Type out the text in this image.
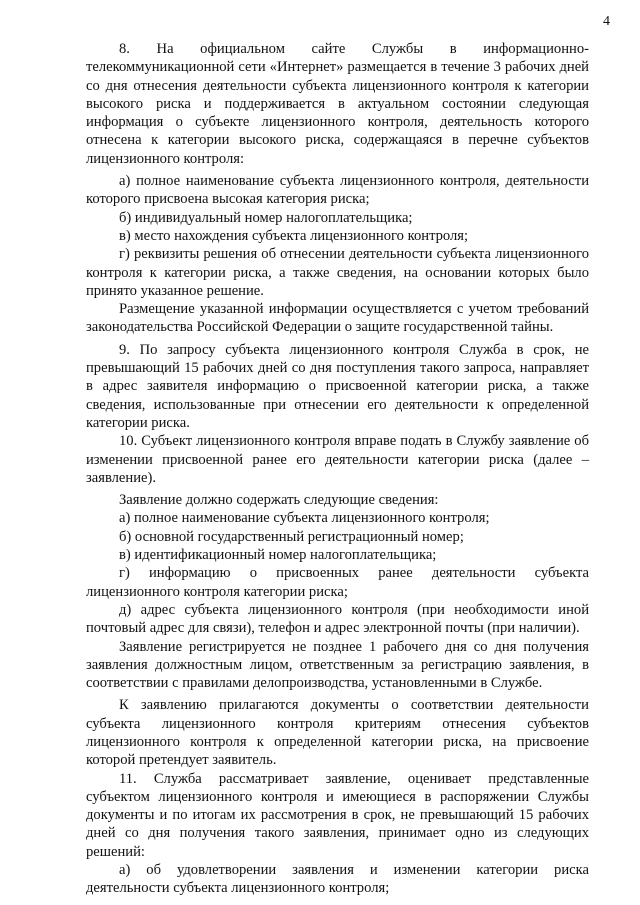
4

8. На официальном сайте Службы в информационно-телекоммуникационной сети «Интернет» размещается в течение 3 рабочих дней со дня отнесения деятельности субъекта лицензионного контроля к категории высокого риска и поддерживается в актуальном состоянии следующая информация о субъекте лицензионного контроля, деятельность которого отнесена к категории высокого риска, содержащаяся в перечне субъектов лицензионного контроля:

а) полное наименование субъекта лицензионного контроля, деятельности которого присвоена высокая категория риска;

б) индивидуальный номер налогоплательщика;

в) место нахождения субъекта лицензионного контроля;

г) реквизиты решения об отнесении деятельности субъекта лицензионного контроля к категории риска, а также сведения, на основании которых было принято указанное решение.

Размещение указанной информации осуществляется с учетом требований законодательства Российской Федерации о защите государственной тайны.

9. По запросу субъекта лицензионного контроля Служба в срок, не превышающий 15 рабочих дней со дня поступления такого запроса, направляет в адрес заявителя информацию о присвоенной категории риска, а также сведения, использованные при отнесении его деятельности к определенной категории риска.

10. Субъект лицензионного контроля вправе подать в Службу заявление об изменении присвоенной ранее его деятельности категории риска (далее – заявление).

Заявление должно содержать следующие сведения:

а) полное наименование субъекта лицензионного контроля;

б) основной государственный регистрационный номер;

в) идентификационный номер налогоплательщика;

г) информацию о присвоенных ранее деятельности субъекта лицензионного контроля категории риска;

д) адрес субъекта лицензионного контроля (при необходимости иной почтовый адрес для связи), телефон и адрес электронной почты (при наличии).

Заявление регистрируется не позднее 1 рабочего дня со дня получения заявления должностным лицом, ответственным за регистрацию заявления, в соответствии с правилами делопроизводства, установленными в Службе.

К заявлению прилагаются документы о соответствии деятельности субъекта лицензионного контроля критериям отнесения субъектов лицензионного контроля к определенной категории риска, на присвоение которой претендует заявитель.

11. Служба рассматривает заявление, оценивает представленные субъектом лицензионного контроля и имеющиеся в распоряжении Службы документы и по итогам их рассмотрения в срок, не превышающий 15 рабочих дней со дня получения такого заявления, принимает одно из следующих решений:

а) об удовлетворении заявления и изменении категории риска деятельности субъекта лицензионного контроля;
